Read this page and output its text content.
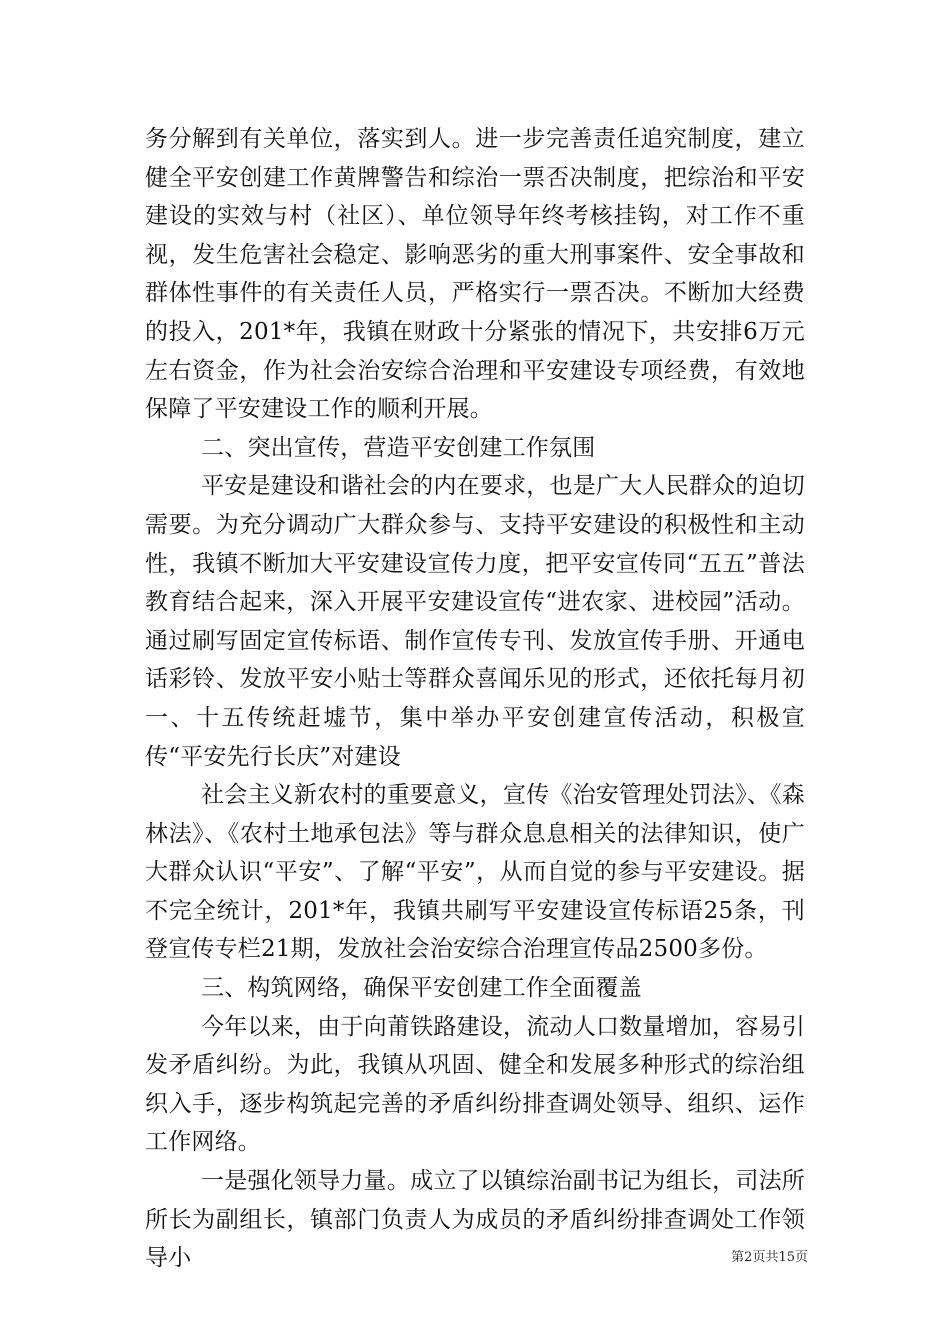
务分解到有关单位，落实到人。进一步完善责任追究制度，建立健全平安创建工作黄牌警告和综治一票否决制度，把综治和平安建设的实效与村（社区）、单位领导年终考核挂钩，对工作不重视，发生危害社会稳定、影响恶劣的重大刑事案件、安全事故和群体性事件的有关责任人员，严格实行一票否决。不断加大经费的投入，201*年，我镇在财政十分紧张的情况下，共安排6万元左右资金，作为社会治安综合治理和平安建设专项经费，有效地保障了平安建设工作的顺利开展。

二、突出宣传，营造平安创建工作氛围

平安是建设和谐社会的内在要求，也是广大人民群众的迫切需要。为充分调动广大群众参与、支持平安建设的积极性和主动性，我镇不断加大平安建设宣传力度，把平安宣传同“五五”普法教育结合起来，深入开展平安建设宣传“进农家、进校园”活动。通过刷写固定宣传标语、制作宣传专刊、发放宣传手册、开通电话彩铃、发放平安小贴士等群众喜闻乐见的形式，还依托每月初一、十五传统赶墟节，集中举办平安创建宣传活动，积极宣传“平安先行长庆”对建设

社会主义新农村的重要意义，宣传《治安管理处罚法》、《森林法》、《农村土地承包法》等与群众息息相关的法律知识，使广大群众认识“平安”、了解“平安”，从而自觉的参与平安建设。据不完全统计，201*年，我镇共刷写平安建设宣传标语25条，刊登宣传专栏21期，发放社会治安综合治理宣传品2500多份。

三、构筑网络，确保平安创建工作全面覆盖

今年以来，由于向莆铁路建设，流动人口数量增加，容易引发矛盾纠纷。为此，我镇从巩固、健全和发展多种形式的综治组织入手，逐步构筑起完善的矛盾纠纷排查调处领导、组织、运作工作网络。

一是强化领导力量。成立了以镇综治副书记为组长，司法所所长为副组长，镇部门负责人为成员的矛盾纠纷排查调处工作领导小	第2页共15页
